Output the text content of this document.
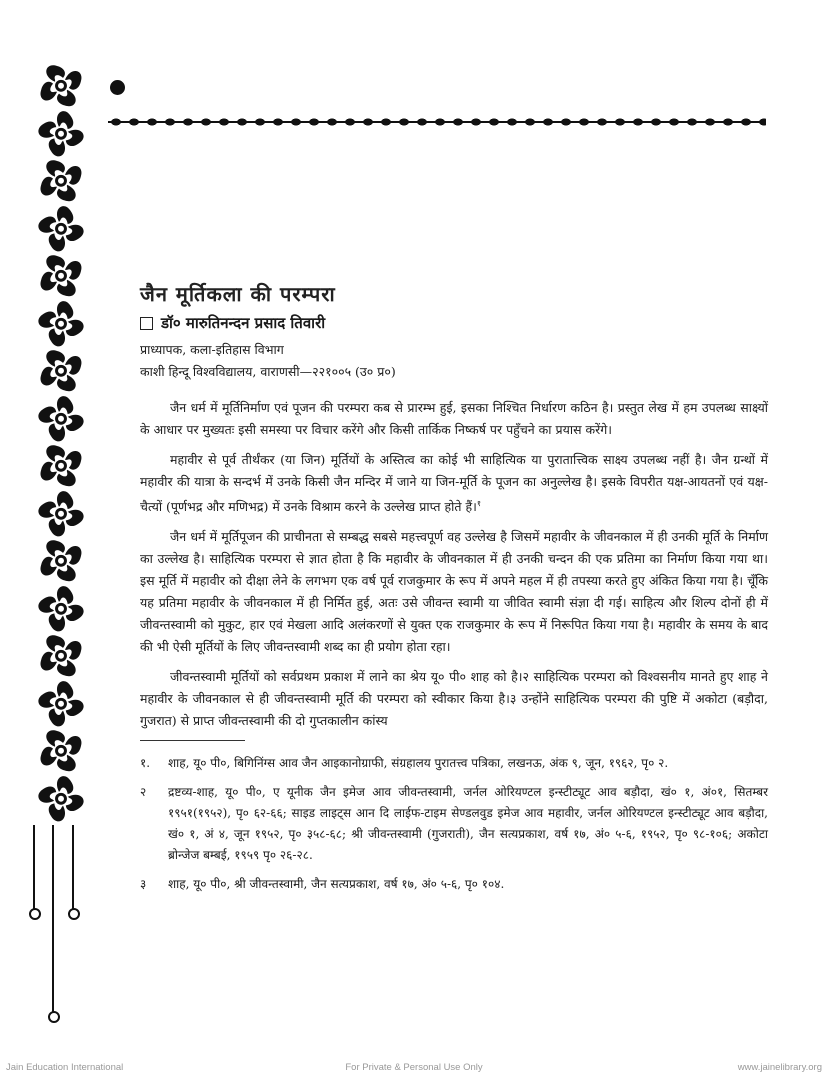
जैन मूर्तिकला की परम्परा
डॉ० मारुतिनन्दन प्रसाद तिवारी

प्राध्यापक, कला-इतिहास विभाग

काशी हिन्दू विश्वविद्यालय, वाराणसी—२२१००५ (उ० प्र०)

जैन धर्म में मूर्तिनिर्माण एवं पूजन की परम्परा कब से प्रारम्भ हुई, इसका निश्चित निर्धारण कठिन है। प्रस्तुत लेख में हम उपलब्ध साक्ष्यों के आधार पर मुख्यतः इसी समस्या पर विचार करेंगे और किसी तार्किक निष्कर्ष पर पहुँचने का प्रयास करेंगे।

महावीर से पूर्व तीर्थंकर (या जिन) मूर्तियों के अस्तित्व का कोई भी साहित्यिक या पुरातात्त्विक साक्ष्य उपलब्ध नहीं है। जैन ग्रन्थों में महावीर की यात्रा के सन्दर्भ में उनके किसी जैन मन्दिर में जाने या जिन-मूर्ति के पूजन का अनुल्लेख है। इसके विपरीत यक्ष-आयतनों एवं यक्ष-चैत्यों (पूर्णभद्र और मणिभद्र) में उनके विश्राम करने के उल्लेख प्राप्त होते हैं।$^१$

जैन धर्म में मूर्तिपूजन की प्राचीनता से सम्बद्ध सबसे महत्त्वपूर्ण वह उल्लेख है जिसमें महावीर के जीवनकाल में ही उनकी मूर्ति के निर्माण का उल्लेख है। साहित्यिक परम्परा से ज्ञात होता है कि महावीर के जीवनकाल में ही उनकी चन्दन की एक प्रतिमा का निर्माण किया गया था। इस मूर्ति में महावीर को दीक्षा लेने के लगभग एक वर्ष पूर्व राजकुमार के रूप में अपने महल में ही तपस्या करते हुए अंकित किया गया है। चूँकि यह प्रतिमा महावीर के जीवनकाल में ही निर्मित हुई, अतः उसे जीवन्त स्वामी या जीवित स्वामी संज्ञा दी गई। साहित्य और शिल्प दोनों ही में जीवन्तस्वामी को मुकुट, हार एवं मेखला आदि अलंकरणों से युक्त एक राजकुमार के रूप में निरूपित किया गया है। महावीर के समय के बाद की भी ऐसी मूर्तियों के लिए जीवन्तस्वामी शब्द का ही प्रयोग होता रहा।

जीवन्तस्वामी मूर्तियों को सर्वप्रथम प्रकाश में लाने का श्रेय यू० पी० शाह को है।२ साहित्यिक परम्परा को विश्वसनीय मानते हुए शाह ने महावीर के जीवनकाल से ही जीवन्तस्वामी मूर्ति की परम्परा को स्वीकार किया है।३ उन्होंने साहित्यिक परम्परा की पुष्टि में अकोटा (बड़ौदा, गुजरात) से प्राप्त जीवन्तस्वामी की दो गुप्तकालीन कांस्य

१.	शाह, यू० पी०, बिगिनिंग्स आव जैन आइकानोग्राफी, संग्रहालय पुरातत्त्व पत्रिका, लखनऊ, अंक ९, जून, १९६२, पृ० २.
२	द्रष्टव्य-शाह, यू० पी०, ए यूनीक जैन इमेज आव जीवन्तस्वामी, जर्नल ओरियण्टल इन्स्टीट्यूट आव बड़ौदा, खं० १, अं०१, सितम्बर १९५१(१९५२), पृ० ६२-६६; साइड लाइट्स आन दि लाईफ-टाइम सेण्डलवुड इमेज आव महावीर, जर्नल ओरियण्टल इन्स्टीट्यूट आव बड़ौदा, खं० १, अं ४, जून १९५२, पृ० ३५८-६८; श्री जीवन्तस्वामी (गुजराती), जैन सत्यप्रकाश, वर्ष १७, अं० ५-६, १९५२, पृ० ९८-१०६; अकोटा ब्रोन्जेज बम्बई, १९५९ पृ० २६-२८.
३	शाह, यू० पी०, श्री जीवन्तस्वामी, जैन सत्यप्रकाश, वर्ष १७, अं० ५-६, पृ० १०४.
Jain Education International	For Private & Personal Use Only	www.jainelibrary.org
